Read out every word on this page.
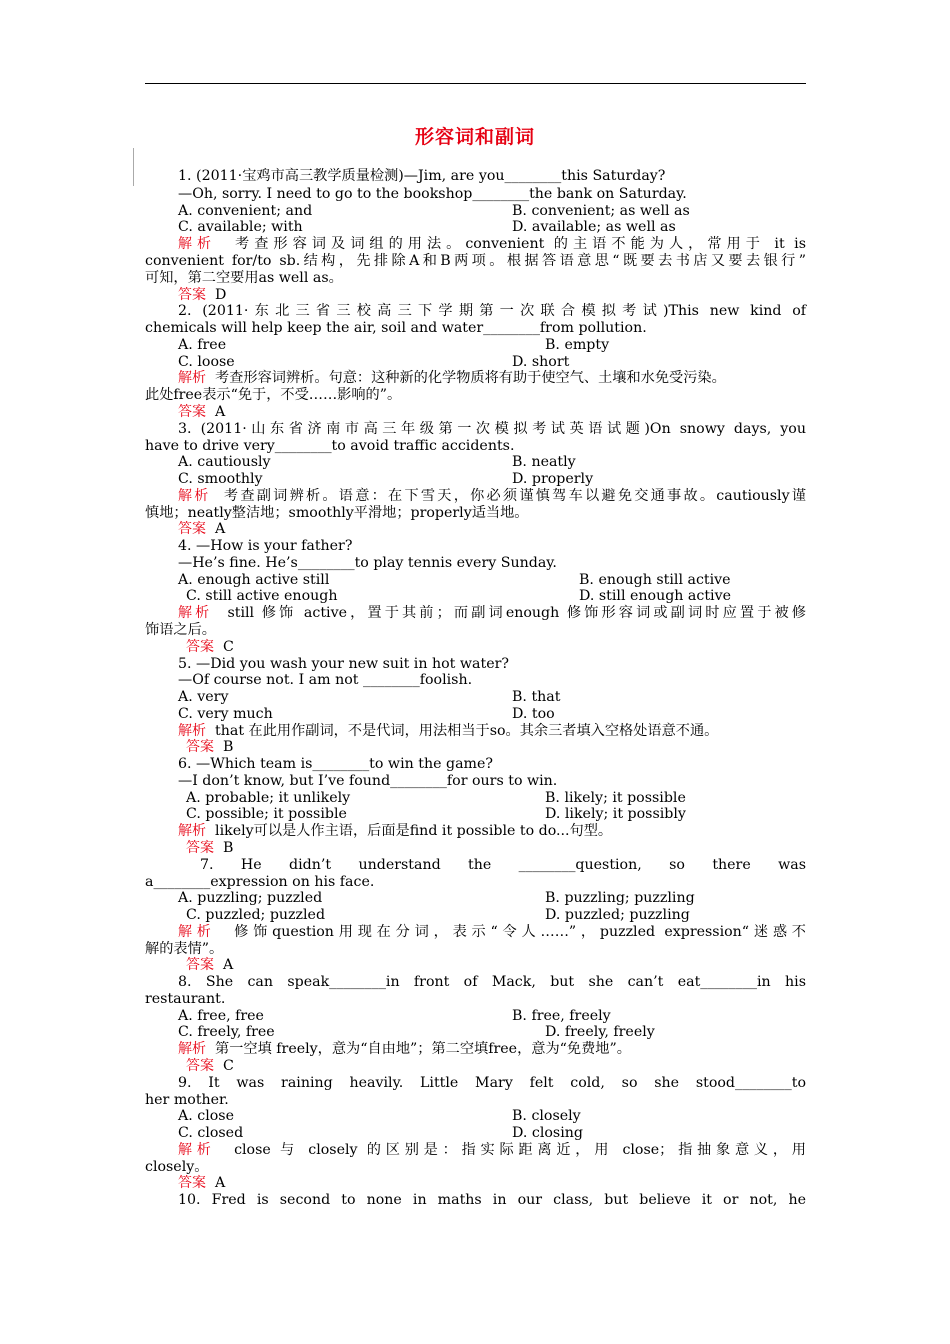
形容词和副词
1. (2011·宝鸡市高三教学质量检测)—Jim, are you________this Saturday?
—Oh, sorry. I need to go to the bookshop________the bank on Saturday.
A. convenient; and	B. convenient; as well as
C. available; with	D. available; as well as
解析 考查形容词及词组的用法。convenient 的主语不能为人，常用于 it is
convenient for/to sb.结构，先排除A和B两项。根据答语意思“既要去书店又要去银行”
可知，第二空要用as well as。
答案 D
2. (2011·东北三省三校高三下学期第一次联合模拟考试)This new kind of
chemicals will help keep the air, soil and water________from pollution.
A. free	B. empty
C. loose	D. short
解析 考查形容词辨析。句意：这种新的化学物质将有助于使空气、土壤和水免受污染。
此处free表示“免于，不受……影响的”。
答案 A
3. (2011·山东省济南市高三年级第一次模拟考试英语试题)On snowy days, you
have to drive very________to avoid traffic accidents.
A. cautiously	B. neatly
C. smoothly	D. properly
解析 考查副词辨析。语意：在下雪天，你必须谨慎驾车以避免交通事故。cautiously谨
慎地；neatly整洁地；smoothly平滑地；properly适当地。
答案 A
4. —How is your father?
—He’s fine. He’s________to play tennis every Sunday.
A. enough active still	B. enough still active
C. still active enough	D. still enough active
解析 still 修饰 active，置于其前；而副词enough 修饰形容词或副词时应置于被修
饰语之后。
答案 C
5. —Did you wash your new suit in hot water?
—Of course not. I am not ________foolish.
A. very	B. that
C. very much	D. too
解析 that 在此用作副词，不是代词，用法相当于so。其余三者填入空格处语意不通。
答案 B
6. —Which team is________to win the game?
—I don’t know, but I’ve found________for ours to win.
A. probable; it unlikely	B. likely; it possible
C. possible; it possible	D. likely; it possibly
解析 likely可以是人作主语，后面是find it possible to do...句型。
答案 B
7. He didn’t understand the ________question, so there was
a________expression on his face.
A. puzzling; puzzled	B. puzzling; puzzling
C. puzzled; puzzled	D. puzzled; puzzling
解析 修饰question用现在分词，表示“令人……”，puzzled expression“迷惑不
解的表情”。
答案 A
8. She can speak________in front of Mack, but she can’t eat________in his
restaurant.
A. free, free	B. free, freely
C. freely, free	D. freely, freely
解析 第一空填 freely，意为“自由地”；第二空填free，意为“免费地”。
答案 C
9. It was raining heavily. Little Mary felt cold, so she stood________to
her mother.
A. close	B. closely
C. closed	D. closing
解析 close 与 closely 的区别是：指实际距离近，用 close；指抽象意义，用
closely。
答案 A
10. Fred is second to none in maths in our class, but believe it or not, he
